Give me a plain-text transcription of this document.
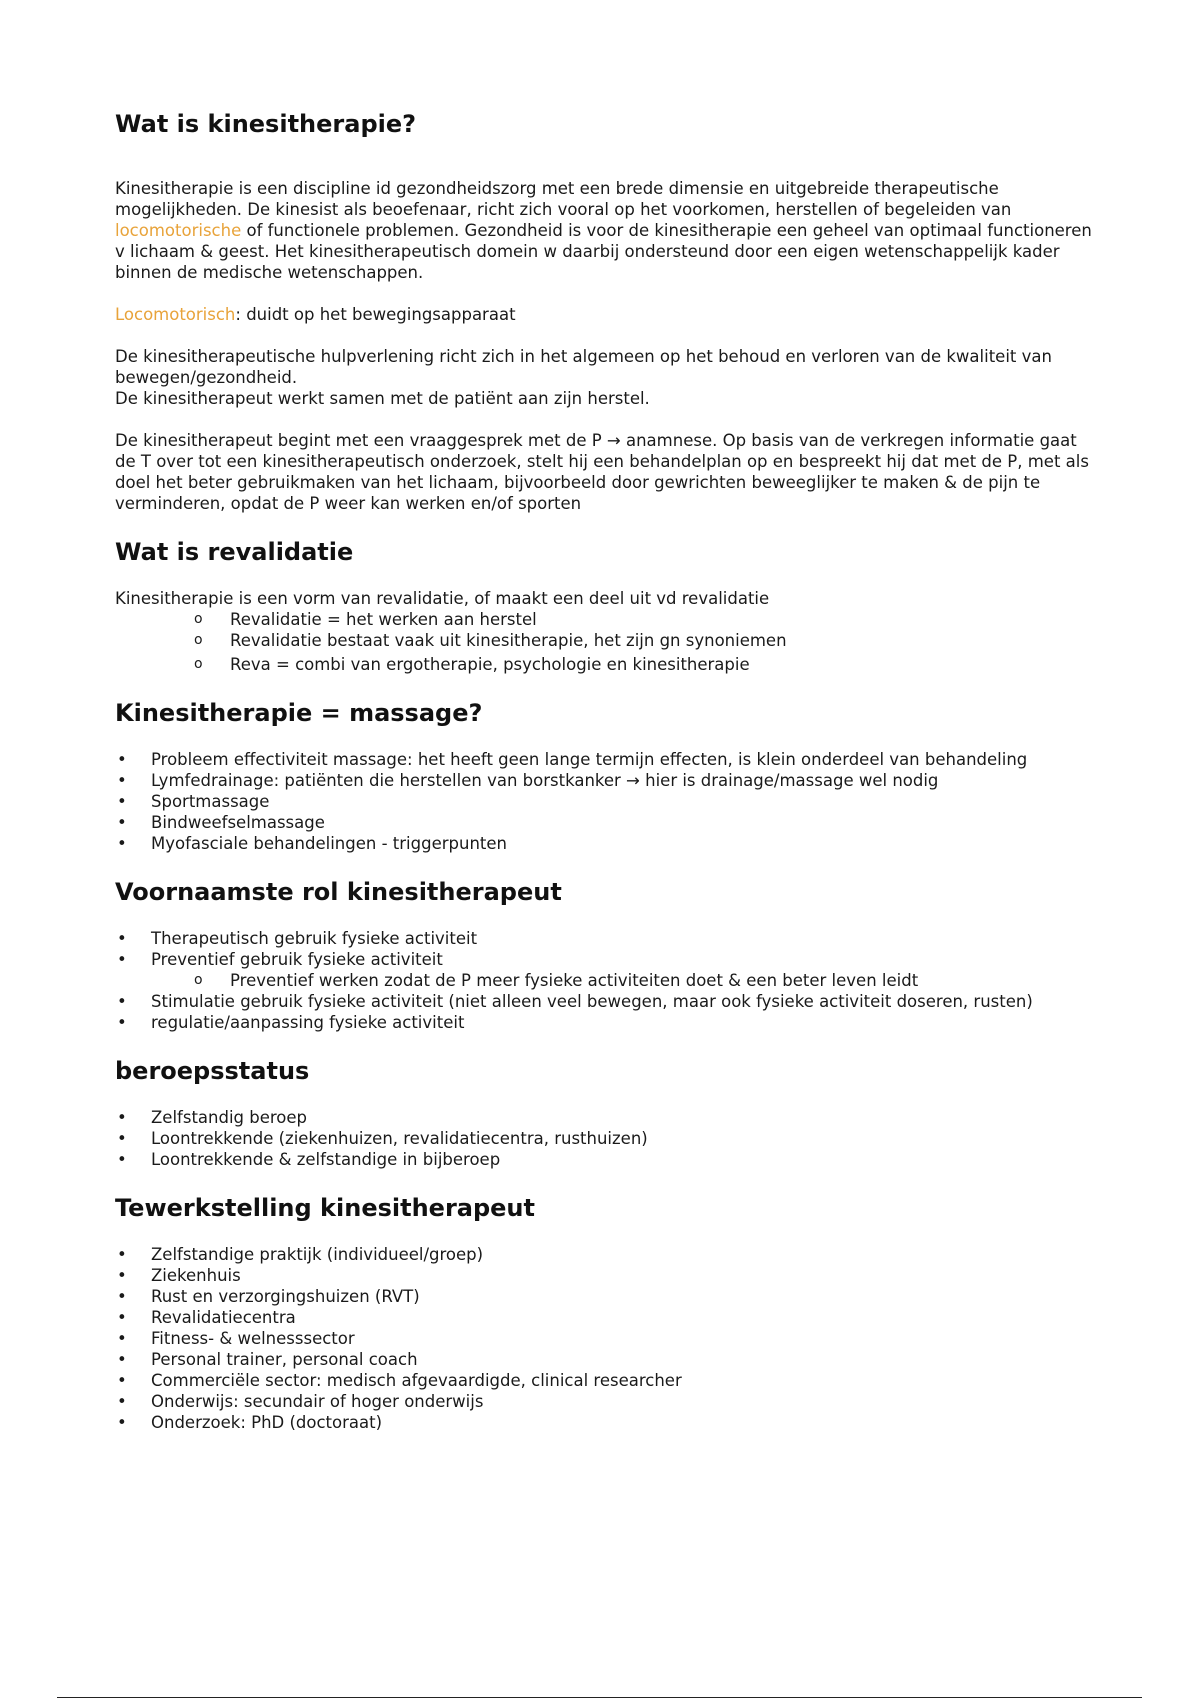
Wat is kinesitherapie?

Kinesitherapie is een discipline id gezondheidszorg met een brede dimensie en uitgebreide therapeutische mogelijkheden. De kinesist als beoefenaar, richt zich vooral op het voorkomen, herstellen of begeleiden van locomotorische of functionele problemen. Gezondheid is voor de kinesitherapie een geheel van optimaal functioneren v lichaam & geest. Het kinesitherapeutisch domein w daarbij ondersteund door een eigen wetenschappelijk kader binnen de medische wetenschappen.

Locomotorisch: duidt op het bewegingsapparaat

De kinesitherapeutische hulpverlening richt zich in het algemeen op het behoud en verloren van de kwaliteit van bewegen/gezondheid.

De kinesitherapeut werkt samen met de patiënt aan zijn herstel.

De kinesitherapeut begint met een vraaggesprek met de P → anamnese. Op basis van de verkregen informatie gaat de T over tot een kinesitherapeutisch onderzoek, stelt hij een behandelplan op en bespreekt hij dat met de P, met als doel het beter gebruikmaken van het lichaam, bijvoorbeeld door gewrichten beweeglijker te maken & de pijn te verminderen, opdat de P weer kan werken en/of sporten

Wat is revalidatie

Kinesitherapie is een vorm van revalidatie, of maakt een deel uit vd revalidatie

o Revalidatie = het werken aan herstel
o Revalidatie bestaat vaak uit kinesitherapie, het zijn gn synoniemen
o Reva = combi van ergotherapie, psychologie en kinesitherapie
Kinesitherapie = massage?
• Probleem effectiviteit massage: het heeft geen lange termijn effecten, is klein onderdeel van behandeling
• Lymfedrainage: patiënten die herstellen van borstkanker → hier is drainage/massage wel nodig
• Sportmassage
• Bindweefselmassage
• Myofasciale behandelingen - triggerpunten
Voornaamste rol kinesitherapeut
• Therapeutisch gebruik fysieke activiteit
• Preventief gebruik fysieke activiteit
o Preventief werken zodat de P meer fysieke activiteiten doet & een beter leven leidt
• Stimulatie gebruik fysieke activiteit (niet alleen veel bewegen, maar ook fysieke activiteit doseren, rusten)
• regulatie/aanpassing fysieke activiteit
beroepsstatus
• Zelfstandig beroep
• Loontrekkende (ziekenhuizen, revalidatiecentra, rusthuizen)
• Loontrekkende & zelfstandige in bijberoep
Tewerkstelling kinesitherapeut
• Zelfstandige praktijk (individueel/groep)
• Ziekenhuis
• Rust en verzorgingshuizen (RVT)
• Revalidatiecentra
• Fitness- & welnesssector
• Personal trainer, personal coach
• Commerciële sector: medisch afgevaardigde, clinical researcher
• Onderwijs: secundair of hoger onderwijs
• Onderzoek: PhD (doctoraat)
